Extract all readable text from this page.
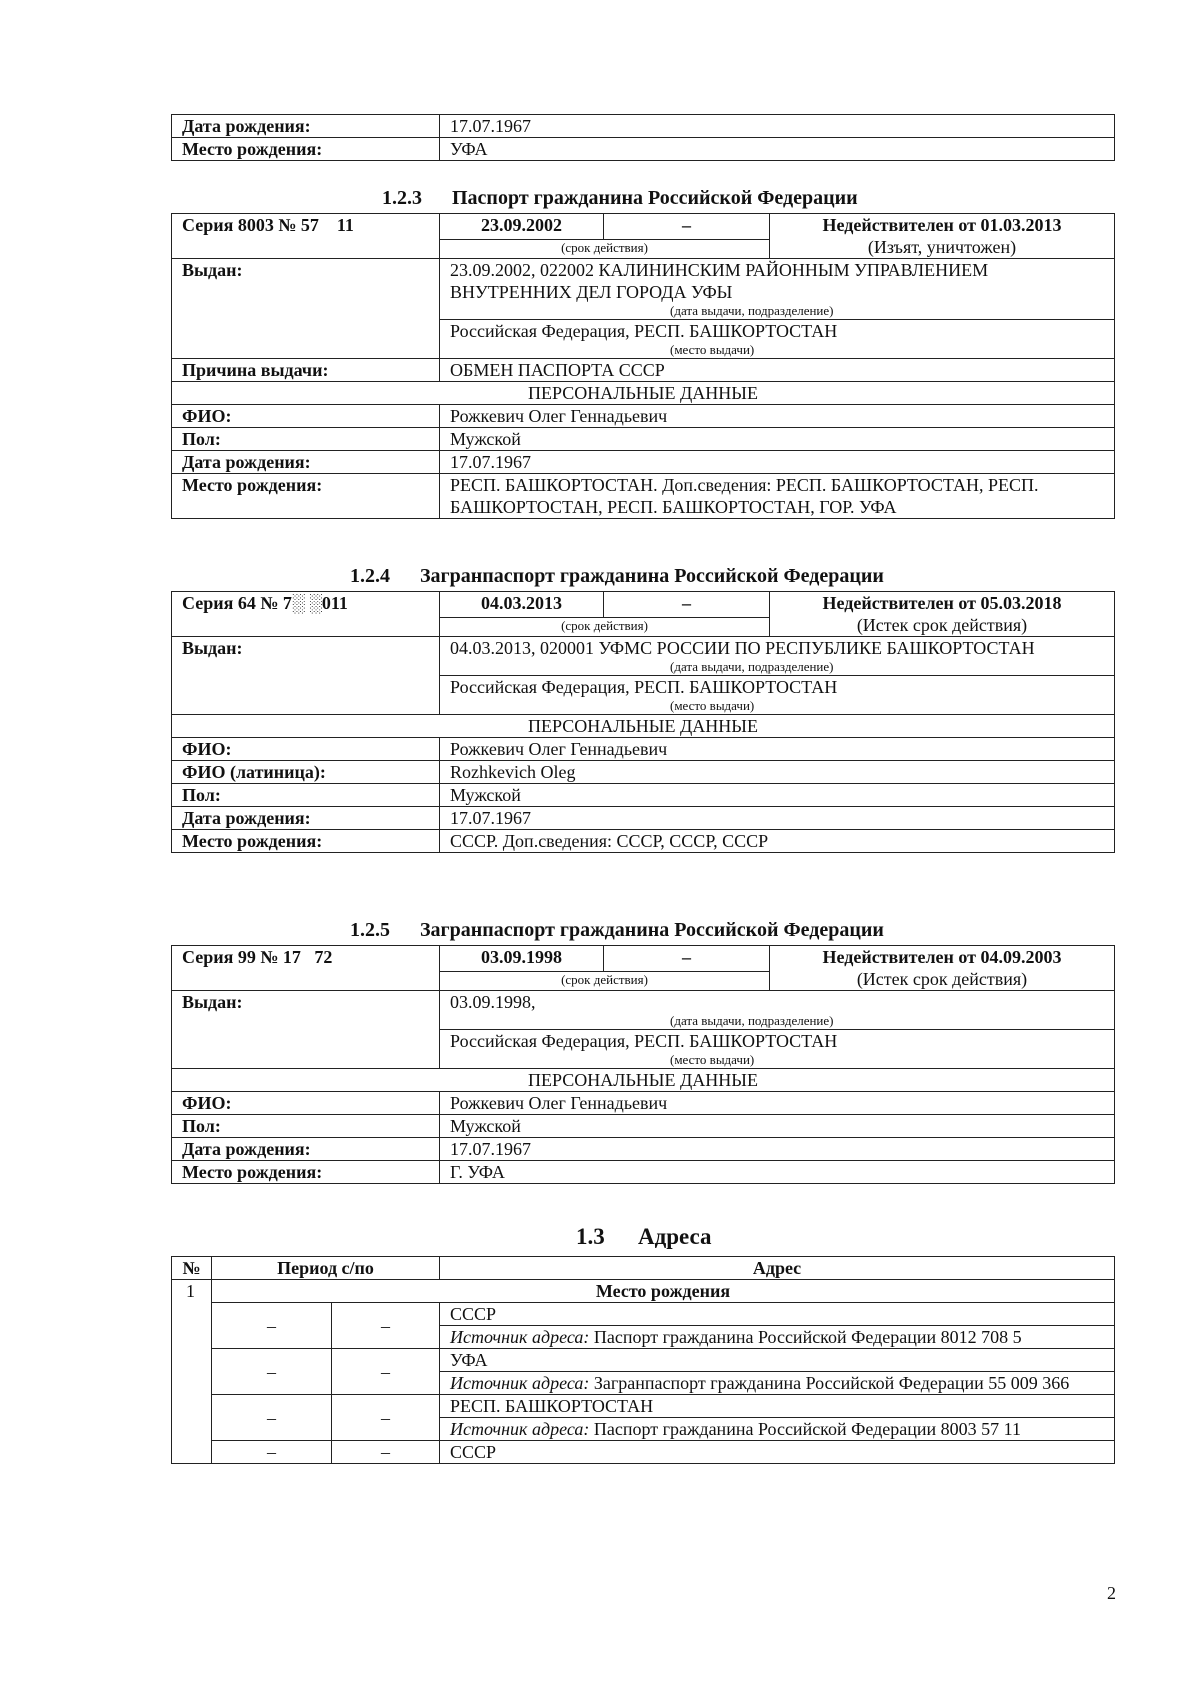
Дата рождения:	17.07.1967
Место рождения:	УФА
1.2.3 Паспорт гражданина Российской Федерации
Серия 8003 № 57    11	23.09.2002	–	Недействителен от 01.03.2013
(Изъят, уничтожен)

	(срок действия)		

Выдан:	23.09.2002, 022002 КАЛИНИНСКИМ РАЙОННЫМ УПРАВЛЕНИЕМ ВНУТРЕННИХ ДЕЛ ГОРОДА УФЫ
(дата выдачи, подразделение)		

	Российская Федерация, РЕСП. БАШКОРТОСТАН
(место выдачи)		

Причина выдачи:	ОБМЕН ПАСПОРТА СССР		
ПЕРСОНАЛЬНЫЕ ДАННЫЕ			
ФИО:	Рожкевич Олег Геннадьевич		
Пол:	Мужской		
Дата рождения:	17.07.1967		
Место рождения:	РЕСП. БАШКОРТОСТАН. Доп.сведения: РЕСП. БАШКОРТОСТАН, РЕСП. БАШКОРТОСТАН, РЕСП. БАШКОРТОСТАН, ГОР. УФА		
1.2.4 Загранпаспорт гражданина Российской Федерации
Серия 64 № 7░ ░011	04.03.2013	–	Недействителен от 05.03.2018
(Истек срок действия)

	(срок действия)		

Выдан:	04.03.2013, 020001 УФМС РОССИИ ПО РЕСПУБЛИКЕ БАШКОРТОСТАН
(дата выдачи, подразделение)		

	Российская Федерация, РЕСП. БАШКОРТОСТАН
(место выдачи)		

ПЕРСОНАЛЬНЫЕ ДАННЫЕ			
ФИО:	Рожкевич Олег Геннадьевич		
ФИО (латиница):	Rozhkevich Oleg		
Пол:	Мужской		
Дата рождения:	17.07.1967		
Место рождения:	СССР. Доп.сведения: СССР, СССР, СССР		
1.2.5 Загранпаспорт гражданина Российской Федерации
Серия 99 № 17   72	03.09.1998	–	Недействителен от 04.09.2003
(Истек срок действия)

	(срок действия)		

Выдан:	03.09.1998,
(дата выдачи, подразделение)		

	Российская Федерация, РЕСП. БАШКОРТОСТАН
(место выдачи)		

ПЕРСОНАЛЬНЫЕ ДАННЫЕ			
ФИО:	Рожкевич Олег Геннадьевич		
Пол:	Мужской		
Дата рождения:	17.07.1967		
Место рождения:	Г. УФА		
1.3 Адреса
№	Период с/по		Адрес
1	Место рождения		
	–	–	СССР
			Источник адреса: Паспорт гражданина Российской Федерации 8012 708 5
	–	–	УФА
			Источник адреса: Загранпаспорт гражданина Российской Федерации 55 009 366
	–	–	РЕСП. БАШКОРТОСТАН
			Источник адреса: Паспорт гражданина Российской Федерации 8003 57 11
	–	–	СССР
2
